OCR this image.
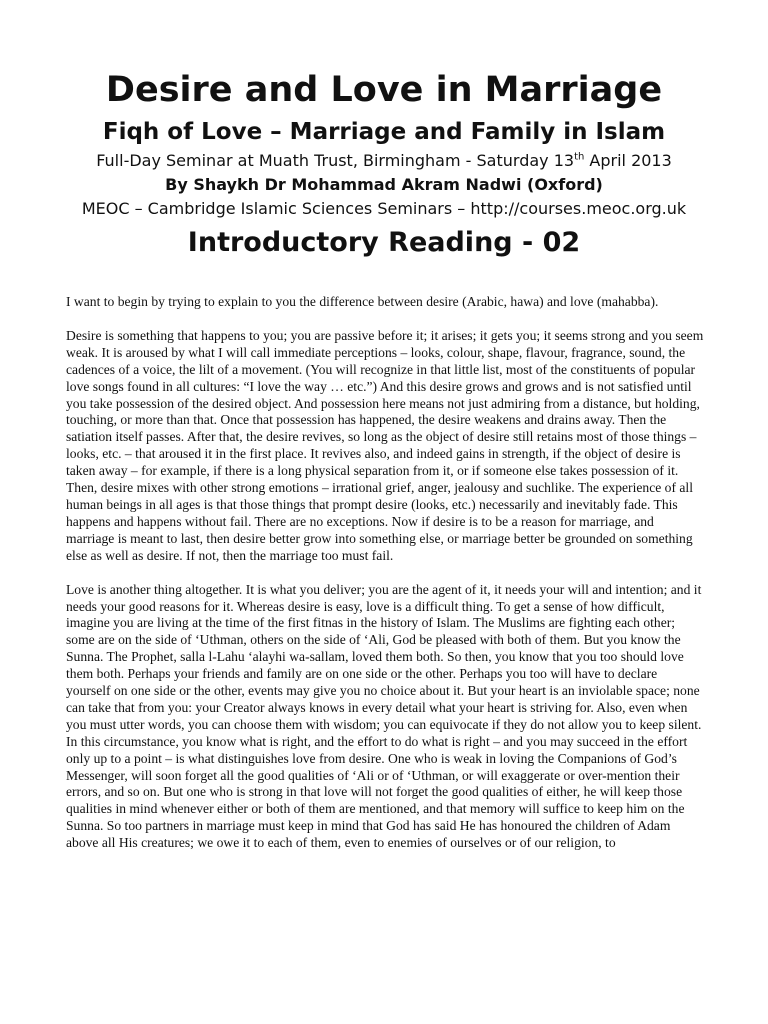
Desire and Love in Marriage
Fiqh of Love – Marriage and Family in Islam

Full-Day Seminar at Muath Trust, Birmingham - Saturday 13th April 2013

By Shaykh Dr Mohammad Akram Nadwi (Oxford)

MEOC – Cambridge Islamic Sciences Seminars – http://courses.meoc.org.uk

Introductory Reading - 02

I want to begin by trying to explain to you the difference between desire (Arabic, hawa) and love (mahabba).

Desire is something that happens to you; you are passive before it; it arises; it gets you; it seems strong and you seem weak. It is aroused by what I will call immediate perceptions – looks, colour, shape, flavour, fragrance, sound, the cadences of a voice, the lilt of a movement. (You will recognize in that little list, most of the constituents of popular love songs found in all cultures: “I love the way … etc.”) And this desire grows and grows and is not satisfied until you take possession of the desired object. And possession here means not just admiring from a distance, but holding, touching, or more than that. Once that possession has happened, the desire weakens and drains away. Then the satiation itself passes. After that, the desire revives, so long as the object of desire still retains most of those things – looks, etc. – that aroused it in the first place. It revives also, and indeed gains in strength, if the object of desire is taken away – for example, if there is a long physical separation from it, or if someone else takes possession of it. Then, desire mixes with other strong emotions – irrational grief, anger, jealousy and suchlike. The experience of all human beings in all ages is that those things that prompt desire (looks, etc.) necessarily and inevitably fade. This happens and happens without fail. There are no exceptions. Now if desire is to be a reason for marriage, and marriage is meant to last, then desire better grow into something else, or marriage better be grounded on something else as well as desire. If not, then the marriage too must fail.

Love is another thing altogether. It is what you deliver; you are the agent of it, it needs your will and intention; and it needs your good reasons for it. Whereas desire is easy, love is a difficult thing. To get a sense of how difficult, imagine you are living at the time of the first fitnas in the history of Islam. The Muslims are fighting each other; some are on the side of ‘Uthman, others on the side of ‘Ali, God be pleased with both of them. But you know the Sunna. The Prophet, salla l-Lahu ‘alayhi wa-sallam, loved them both. So then, you know that you too should love them both. Perhaps your friends and family are on one side or the other. Perhaps you too will have to declare yourself on one side or the other, events may give you no choice about it. But your heart is an inviolable space; none can take that from you: your Creator always knows in every detail what your heart is striving for. Also, even when you must utter words, you can choose them with wisdom; you can equivocate if they do not allow you to keep silent. In this circumstance, you know what is right, and the effort to do what is right – and you may succeed in the effort only up to a point – is what distinguishes love from desire. One who is weak in loving the Companions of God’s Messenger, will soon forget all the good qualities of ‘Ali or of ‘Uthman, or will exaggerate or over-mention their errors, and so on. But one who is strong in that love will not forget the good qualities of either, he will keep those qualities in mind whenever either or both of them are mentioned, and that memory will suffice to keep him on the Sunna. So too partners in marriage must keep in mind that God has said He has honoured the children of Adam above all His creatures; we owe it to each of them, even to enemies of ourselves or of our religion, to
